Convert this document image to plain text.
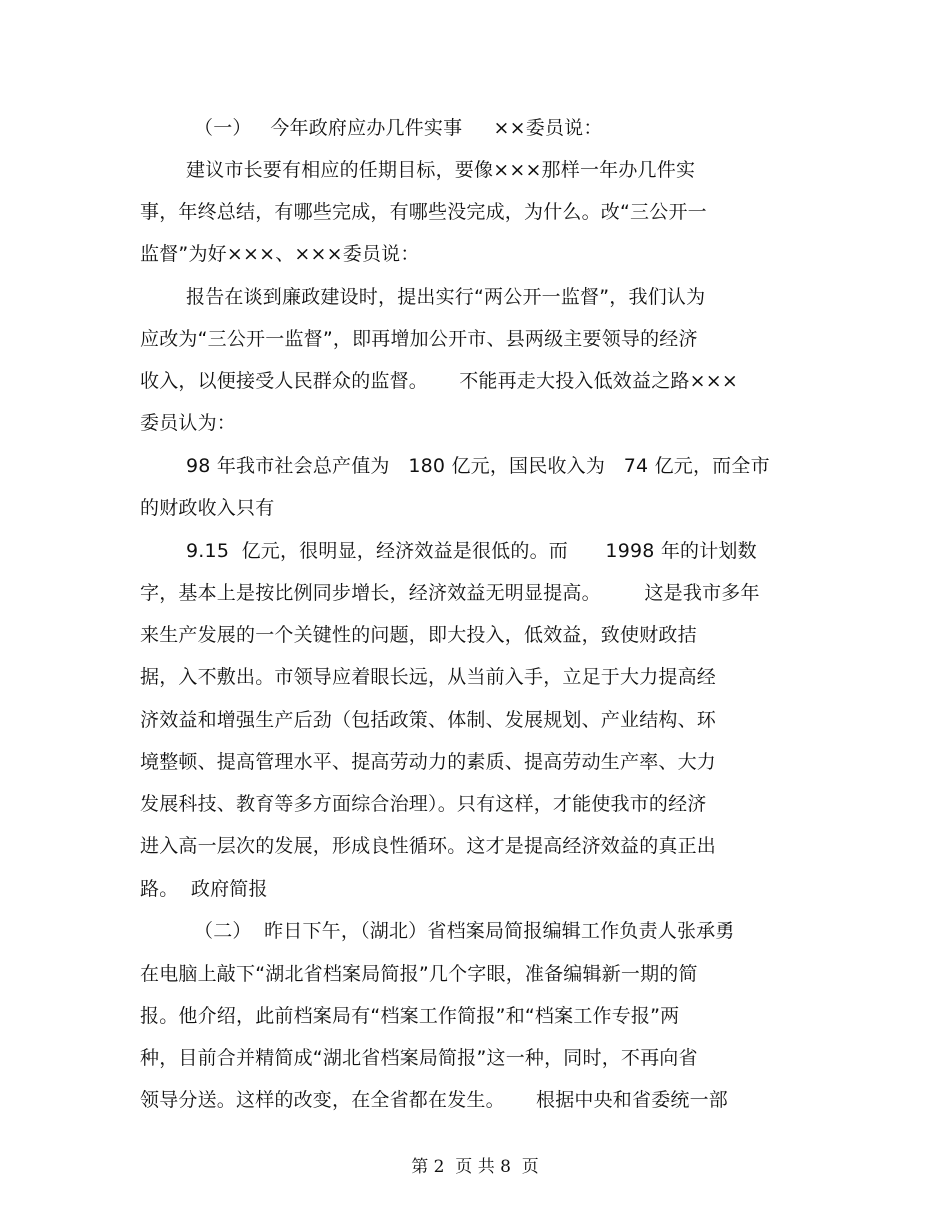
（一）   今年政府应办几件实事     ××委员说：
建议市长要有相应的任期目标，要像×××那样一年办几件实
事，年终总结，有哪些完成，有哪些没完成，为什么。改“三公开一
监督”为好×××、×××委员说：
报告在谈到廉政建设时，提出实行“两公开一监督”，我们认为
应改为“三公开一监督”，即再增加公开市、县两级主要领导的经济
收入，以便接受人民群众的监督。     不能再走大投入低效益之路×××
委员认为：
98 年我市社会总产值为   180 亿元，国民收入为   74 亿元，而全市
的财政收入只有
9.15  亿元，很明显，经济效益是很低的。而      1998 年的计划数
字，基本上是按比例同步增长，经济效益无明显提高。       这是我市多年
来生产发展的一个关键性的问题，即大投入，低效益，致使财政拮
据，入不敷出。市领导应着眼长远，从当前入手，立足于大力提高经
济效益和增强生产后劲（包括政策、体制、发展规划、产业结构、环
境整顿、提高管理水平、提高劳动力的素质、提高劳动生产率、大力
发展科技、教育等多方面综合治理）。只有这样，才能使我市的经济
进入高一层次的发展，形成良性循环。这才是提高经济效益的真正出
路。  政府简报
（二）  昨日下午，（湖北）省档案局简报编辑工作负责人张承勇
在电脑上敲下“湖北省档案局简报”几个字眼，准备编辑新一期的简
报。他介绍，此前档案局有“档案工作简报”和“档案工作专报”两
种，目前合并精简成“湖北省档案局简报”这一种，同时，不再向省
领导分送。这样的改变，在全省都在发生。     根据中央和省委统一部
第 2  页 共 8  页
